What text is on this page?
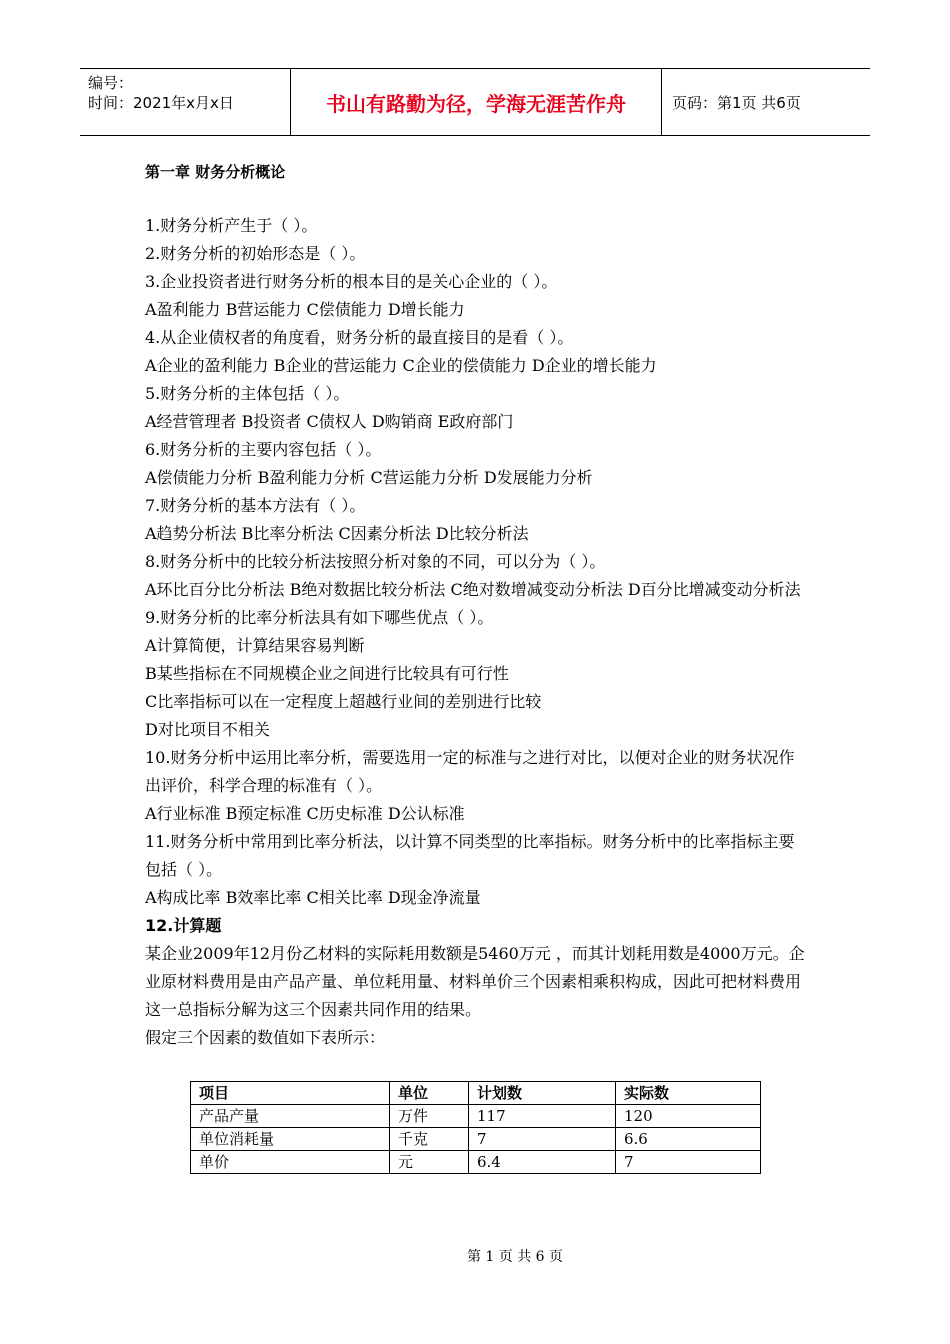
编号：
时间：2021年x月x日	书山有路勤为径，学海无涯苦作舟	页码：第1页 共6页

第一章 财务分析概论

1.财务分析产生于（ ）。

2.财务分析的初始形态是（ ）。

3.企业投资者进行财务分析的根本目的是关心企业的（ ）。

A盈利能力 B营运能力 C偿债能力 D增长能力

4.从企业债权者的角度看，财务分析的最直接目的是看（ ）。

A企业的盈利能力 B企业的营运能力 C企业的偿债能力 D企业的增长能力

5.财务分析的主体包括（ ）。

A经营管理者 B投资者 C债权人 D购销商 E政府部门

6.财务分析的主要内容包括（ ）。

A偿债能力分析 B盈利能力分析 C营运能力分析 D发展能力分析

7.财务分析的基本方法有（ ）。

A趋势分析法 B比率分析法 C因素分析法 D比较分析法

8.财务分析中的比较分析法按照分析对象的不同，可以分为（ ）。

A环比百分比分析法 B绝对数据比较分析法 C绝对数增减变动分析法 D百分比增减变动分析法

9.财务分析的比率分析法具有如下哪些优点（ ）。

A计算简便，计算结果容易判断

B某些指标在不同规模企业之间进行比较具有可行性

C比率指标可以在一定程度上超越行业间的差别进行比较

D对比项目不相关

10.财务分析中运用比率分析，需要选用一定的标准与之进行对比，以便对企业的财务状况作出评价，科学合理的标准有（ ）。

A行业标准 B预定标准 C历史标准 D公认标准

11.财务分析中常用到比率分析法，以计算不同类型的比率指标。财务分析中的比率指标主要包括（ ）。

A构成比率 B效率比率 C相关比率 D现金净流量

12.计算题

某企业2009年12月份乙材料的实际耗用数额是5460万元 ，而其计划耗用数是4000万元。企业原材料费用是由产品产量、单位耗用量、材料单价三个因素相乘积构成，因此可把材料费用这一总指标分解为这三个因素共同作用的结果。

假定三个因素的数值如下表所示：

项目	单位	计划数	实际数
产品产量	万件	117	120
单位消耗量	千克	7	6.6
单价	元	6.4	7
第 1 页 共 6 页
